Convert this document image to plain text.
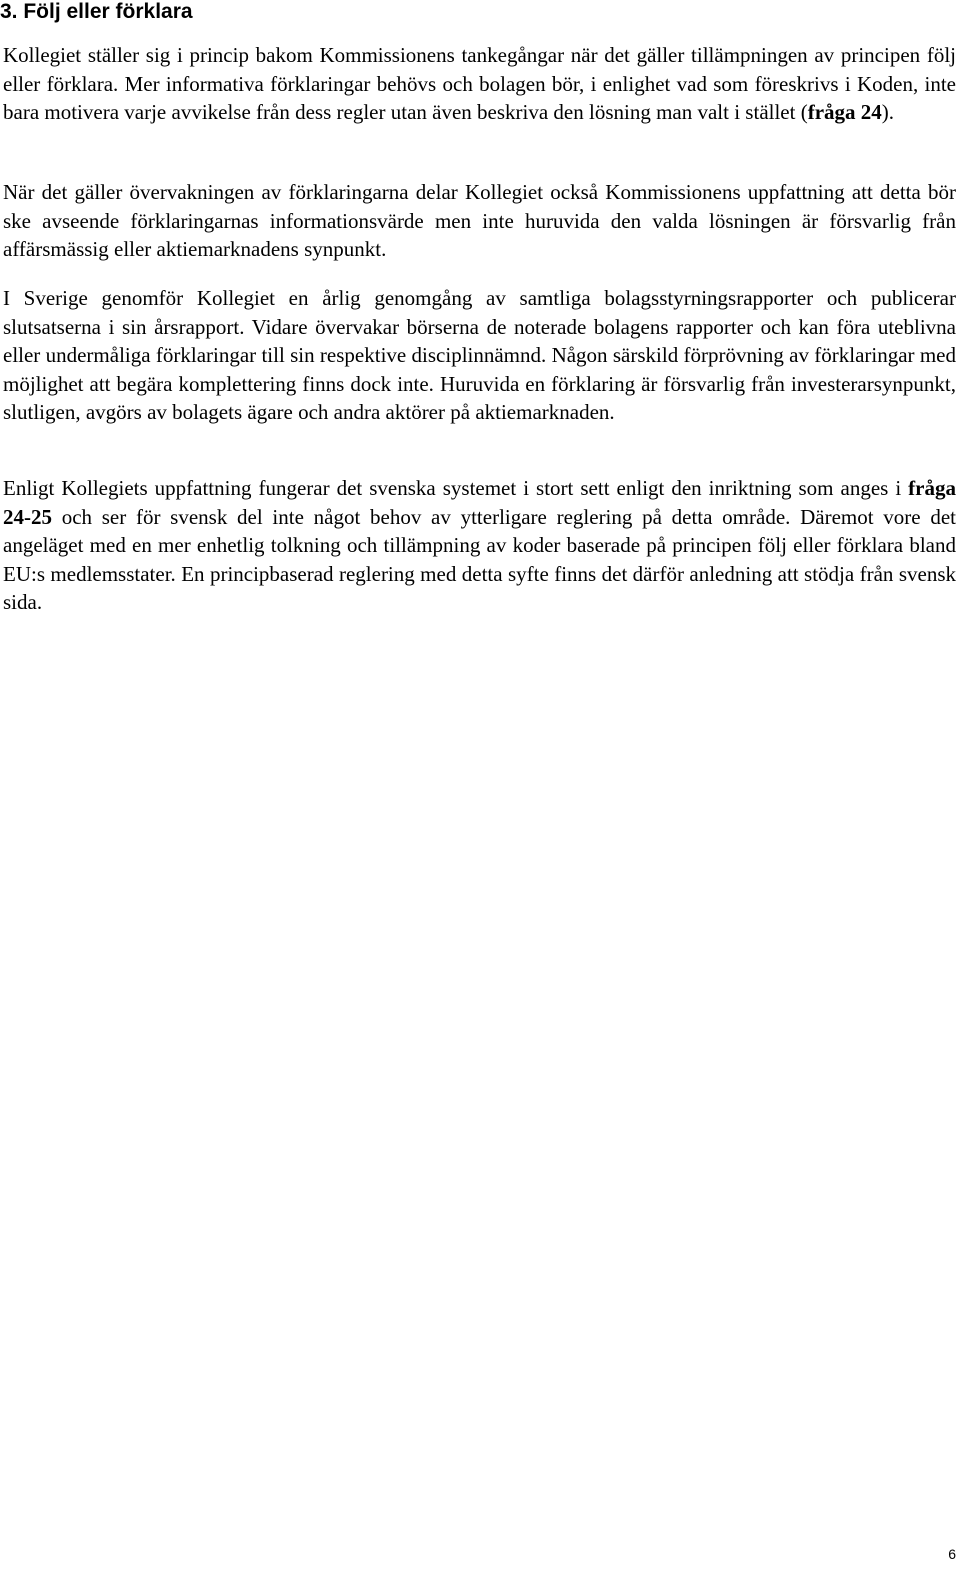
3. Följ eller förklara

Kollegiet ställer sig i princip bakom Kommissionens tankegångar när det gäller tillämpningen av principen följ eller förklara. Mer informativa förklaringar behövs och bolagen bör, i enlighet vad som föreskrivs i Koden, inte bara motivera varje avvikelse från dess regler utan även beskriva den lösning man valt i stället (fråga 24).

När det gäller övervakningen av förklaringarna delar Kollegiet också Kommissionens uppfattning att detta bör ske avseende förklaringarnas informationsvärde men inte huruvida den valda lösningen är försvarlig från affärsmässig eller aktiemarknadens synpunkt.

I Sverige genomför Kollegiet en årlig genomgång av samtliga bolagsstyrningsrapporter och publicerar slutsatserna i sin årsrapport. Vidare övervakar börserna de noterade bolagens rapporter och kan föra uteblivna eller undermåliga förklaringar till sin respektive disciplinnämnd. Någon särskild förprövning av förklaringar med möjlighet att begära komplettering finns dock inte. Huruvida en förklaring är försvarlig från investerarsynpunkt, slutligen, avgörs av bolagets ägare och andra aktörer på aktiemarknaden.

Enligt Kollegiets uppfattning fungerar det svenska systemet i stort sett enligt den inriktning som anges i fråga 24-25 och ser för svensk del inte något behov av ytterligare reglering på detta område. Däremot vore det angeläget med en mer enhetlig tolkning och tillämpning av koder baserade på principen följ eller förklara bland EU:s medlemsstater. En principbaserad reglering med detta syfte finns det därför anledning att stödja från svensk sida.

6
